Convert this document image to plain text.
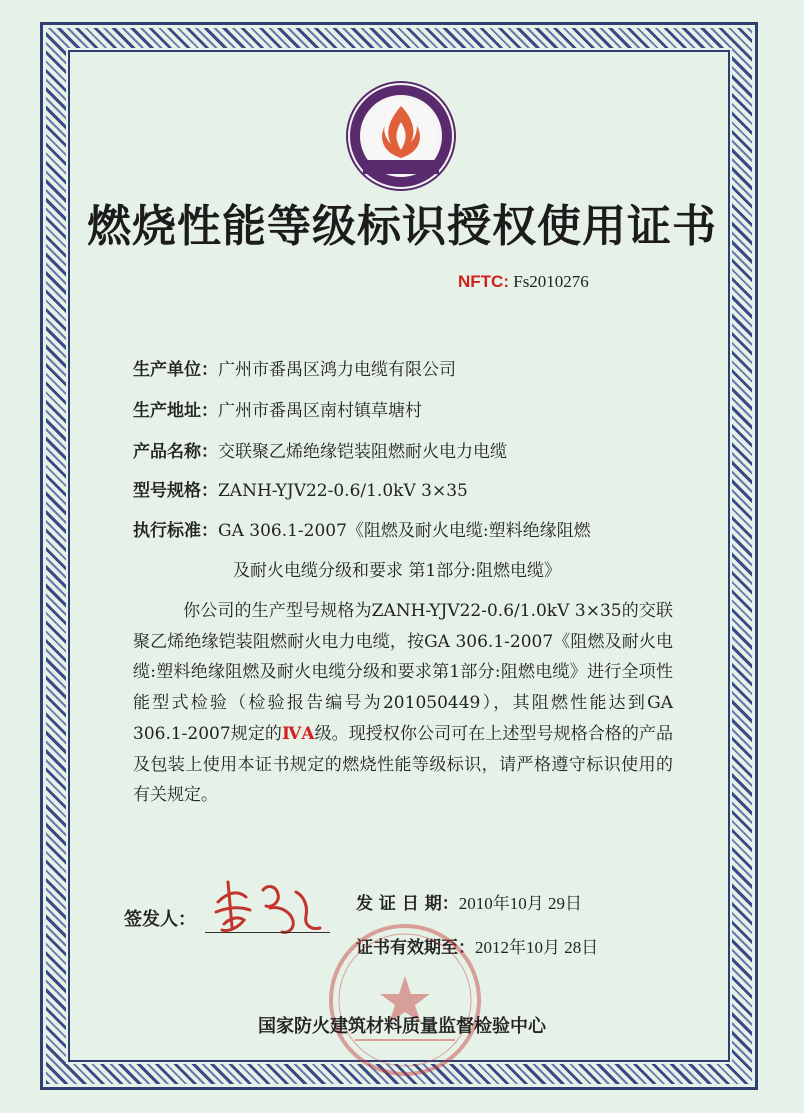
燃烧性能等级标识授权使用证书
NFTC: Fs2010276
生产单位：广州市番禺区鸿力电缆有限公司
生产地址：广州市番禺区南村镇草塘村
产品名称：交联聚乙烯绝缘铠装阻燃耐火电力电缆
型号规格：ZANH-YJV22-0.6/1.0kV 3×35
执行标准：GA 306.1-2007《阻燃及耐火电缆:塑料绝缘阻燃
及耐火电缆分级和要求 第1部分:阻燃电缆》
你公司的生产型号规格为ZANH-YJV22-0.6/1.0kV 3×35的交联聚乙烯绝缘铠装阻燃耐火电力电缆，按GA 306.1-2007《阻燃及耐火电缆:塑料绝缘阻燃及耐火电缆分级和要求第1部分:阻燃电缆》进行全项性能型式检验（检验报告编号为201050449），其阻燃性能达到GA 306.1-2007规定的ⅣA级。现授权你公司可在上述型号规格合格的产品及包装上使用本证书规定的燃烧性能等级标识，请严格遵守标识使用的有关规定。
签发人：
发 证 日 期：2010年10月 29日
证书有效期至：2012年10月 28日
国家防火建筑材料质量监督检验中心
